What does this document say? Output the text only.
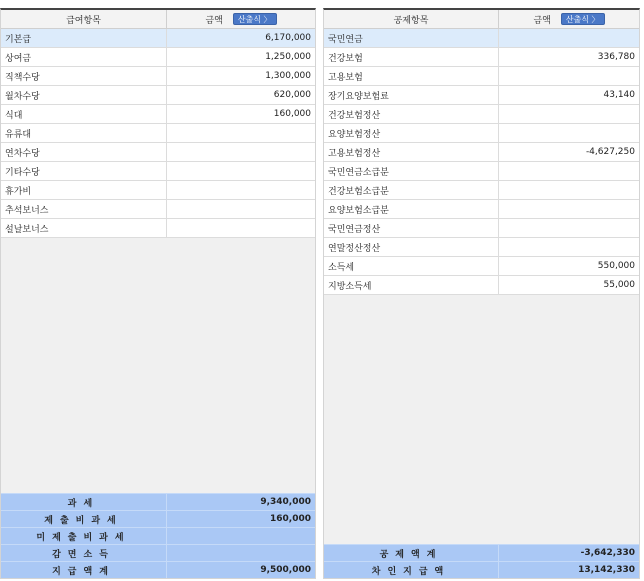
급여항목	금액	산출식 〉
기본급	6,170,000
상여금	1,250,000
직책수당	1,300,000
월차수당	620,000
식대	160,000
유류대
연차수당
기타수당
휴가비
추석보너스
설날보너스
과세	9,340,000
제출비과세	160,000
미제출비과세
감면소득
지급액계	9,500,000
공제항목	금액	산출식 〉
국민연금
건강보험	336,780
고용보험
장기요양보험료	43,140
건강보험정산
요양보험정산
고용보험정산	-4,627,250
국민연금소급분
건강보험소급분
요양보험소급분
국민연금정산
연말정산정산
소득세	550,000
지방소득세	55,000
공제액계	-3,642,330
차인지급액	13,142,330
